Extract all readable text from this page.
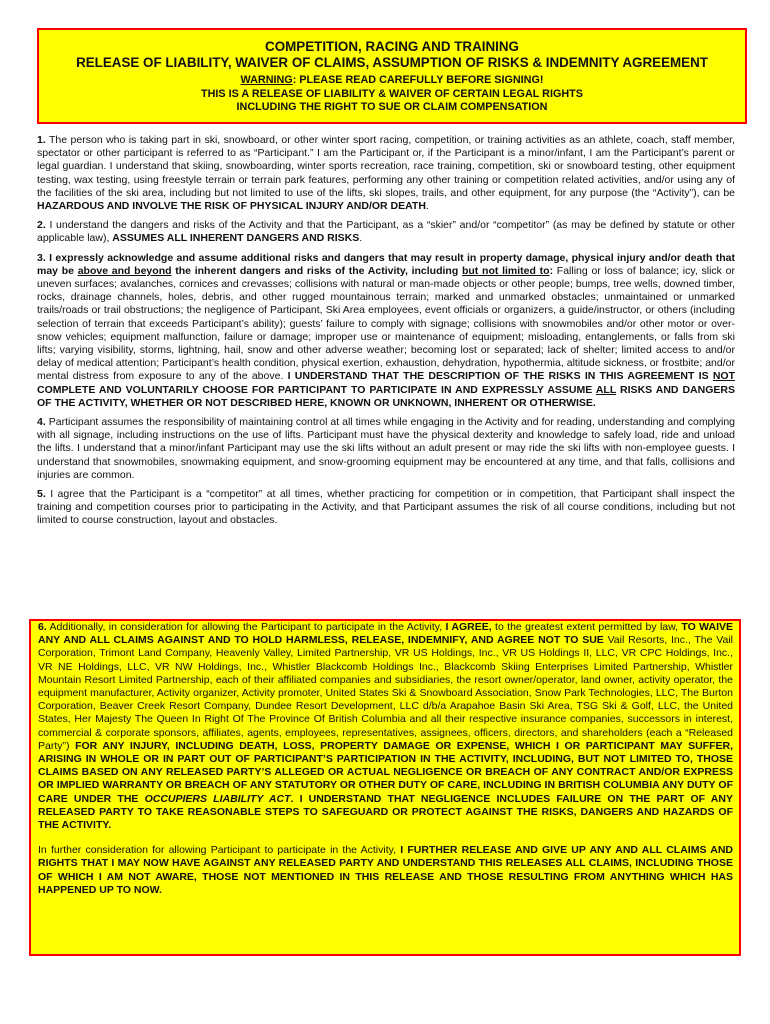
COMPETITION, RACING AND TRAINING
RELEASE OF LIABILITY, WAIVER OF CLAIMS, ASSUMPTION OF RISKS & INDEMNITY AGREEMENT
WARNING: PLEASE READ CAREFULLY BEFORE SIGNING!
THIS IS A RELEASE OF LIABILITY & WAIVER OF CERTAIN LEGAL RIGHTS
INCLUDING THE RIGHT TO SUE OR CLAIM COMPENSATION

1. The person who is taking part in ski, snowboard, or other winter sport racing, competition, or training activities as an athlete, coach, staff member, spectator or other participant is referred to as “Participant.” I am the Participant or, if the Participant is a minor/infant, I am the Participant’s parent or legal guardian. I understand that skiing, snowboarding, winter sports recreation, race training, competition, ski or snowboard testing, other equipment testing, wax testing, using freestyle terrain or terrain park features, performing any other training or competition related activities, and/or using any of the facilities of the ski area, including but not limited to use of the lifts, ski slopes, trails, and other equipment, for any purpose (the “Activity”), can be HAZARDOUS AND INVOLVE THE RISK OF PHYSICAL INJURY AND/OR DEATH.

2. I understand the dangers and risks of the Activity and that the Participant, as a “skier” and/or “competitor” (as may be defined by statute or other applicable law), ASSUMES ALL INHERENT DANGERS AND RISKS.

3. I expressly acknowledge and assume additional risks and dangers that may result in property damage, physical injury and/or death that may be above and beyond the inherent dangers and risks of the Activity, including but not limited to: Falling or loss of balance; icy, slick or uneven surfaces; avalanches, cornices and crevasses; collisions with natural or man-made objects or other people; bumps, tree wells, downed timber, rocks, drainage channels, holes, debris, and other rugged mountainous terrain; marked and unmarked obstacles; unmaintained or unmarked trails/roads or trail obstructions; the negligence of Participant, Ski Area employees, event officials or organizers, a guide/instructor, or others (including selection of terrain that exceeds Participant’s ability); guests’ failure to comply with signage; collisions with snowmobiles and/or other motor or over-snow vehicles; equipment malfunction, failure or damage; improper use or maintenance of equipment; misloading, entanglements, or falls from ski lifts; varying visibility, storms, lightning, hail, snow and other adverse weather; becoming lost or separated; lack of shelter; limited access to and/or delay of medical attention; Participant’s health condition, physical exertion, exhaustion, dehydration, hypothermia, altitude sickness, or frostbite; and/or mental distress from exposure to any of the above. I UNDERSTAND THAT THE DESCRIPTION OF THE RISKS IN THIS AGREEMENT IS NOT COMPLETE AND VOLUNTARILY CHOOSE FOR PARTICIPANT TO PARTICIPATE IN AND EXPRESSLY ASSUME ALL RISKS AND DANGERS OF THE ACTIVITY, WHETHER OR NOT DESCRIBED HERE, KNOWN OR UNKNOWN, INHERENT OR OTHERWISE.

4. Participant assumes the responsibility of maintaining control at all times while engaging in the Activity and for reading, understanding and complying with all signage, including instructions on the use of lifts. Participant must have the physical dexterity and knowledge to safely load, ride and unload the lifts. I understand that a minor/infant Participant may use the ski lifts without an adult present or may ride the ski lifts with non-employee guests. I understand that snowmobiles, snowmaking equipment, and snow-grooming equipment may be encountered at any time, and that falls, collisions and injuries are common.

5. I agree that the Participant is a “competitor” at all times, whether practicing for competition or in competition, that Participant shall inspect the training and competition courses prior to participating in the Activity, and that Participant assumes the risk of all course conditions, including but not limited to course construction, layout and obstacles.

6. Additionally, in consideration for allowing the Participant to participate in the Activity, I AGREE, to the greatest extent permitted by law, TO WAIVE ANY AND ALL CLAIMS AGAINST AND TO HOLD HARMLESS, RELEASE, INDEMNIFY, AND AGREE NOT TO SUE Vail Resorts, Inc., The Vail Corporation, Trimont Land Company, Heavenly Valley, Limited Partnership, VR US Holdings, Inc., VR US Holdings II, LLC, VR CPC Holdings, Inc., VR NE Holdings, LLC, VR NW Holdings, Inc., Whistler Blackcomb Holdings Inc., Blackcomb Skiing Enterprises Limited Partnership, Whistler Mountain Resort Limited Partnership, each of their affiliated companies and subsidiaries, the resort owner/operator, land owner, activity operator, the equipment manufacturer, Activity organizer, Activity promoter, United States Ski & Snowboard Association, Snow Park Technologies, LLC, The Burton Corporation, Beaver Creek Resort Company, Dundee Resort Development, LLC d/b/a Arapahoe Basin Ski Area, TSG Ski & Golf, LLC, the United States, Her Majesty The Queen In Right Of The Province Of British Columbia and all their respective insurance companies, successors in interest, commercial & corporate sponsors, affiliates, agents, employees, representatives, assignees, officers, directors, and shareholders (each a “Released Party”) FOR ANY INJURY, INCLUDING DEATH, LOSS, PROPERTY DAMAGE OR EXPENSE, WHICH I OR PARTICIPANT MAY SUFFER, ARISING IN WHOLE OR IN PART OUT OF PARTICIPANT’S PARTICIPATION IN THE ACTIVITY, INCLUDING, BUT NOT LIMITED TO, THOSE CLAIMS BASED ON ANY RELEASED PARTY’S ALLEGED OR ACTUAL NEGLIGENCE OR BREACH OF ANY CONTRACT AND/OR EXPRESS OR IMPLIED WARRANTY OR BREACH OF ANY STATUTORY OR OTHER DUTY OF CARE, INCLUDING IN BRITISH COLUMBIA ANY DUTY OF CARE UNDER THE OCCUPIERS LIABILITY ACT. I UNDERSTAND THAT NEGLIGENCE INCLUDES FAILURE ON THE PART OF ANY RELEASED PARTY TO TAKE REASONABLE STEPS TO SAFEGUARD OR PROTECT AGAINST THE RISKS, DANGERS AND HAZARDS OF THE ACTIVITY.

In further consideration for allowing Participant to participate in the Activity, I FURTHER RELEASE AND GIVE UP ANY AND ALL CLAIMS AND RIGHTS THAT I MAY NOW HAVE AGAINST ANY RELEASED PARTY AND UNDERSTAND THIS RELEASES ALL CLAIMS, INCLUDING THOSE OF WHICH I AM NOT AWARE, THOSE NOT MENTIONED IN THIS RELEASE AND THOSE RESULTING FROM ANYTHING WHICH HAS HAPPENED UP TO NOW.
